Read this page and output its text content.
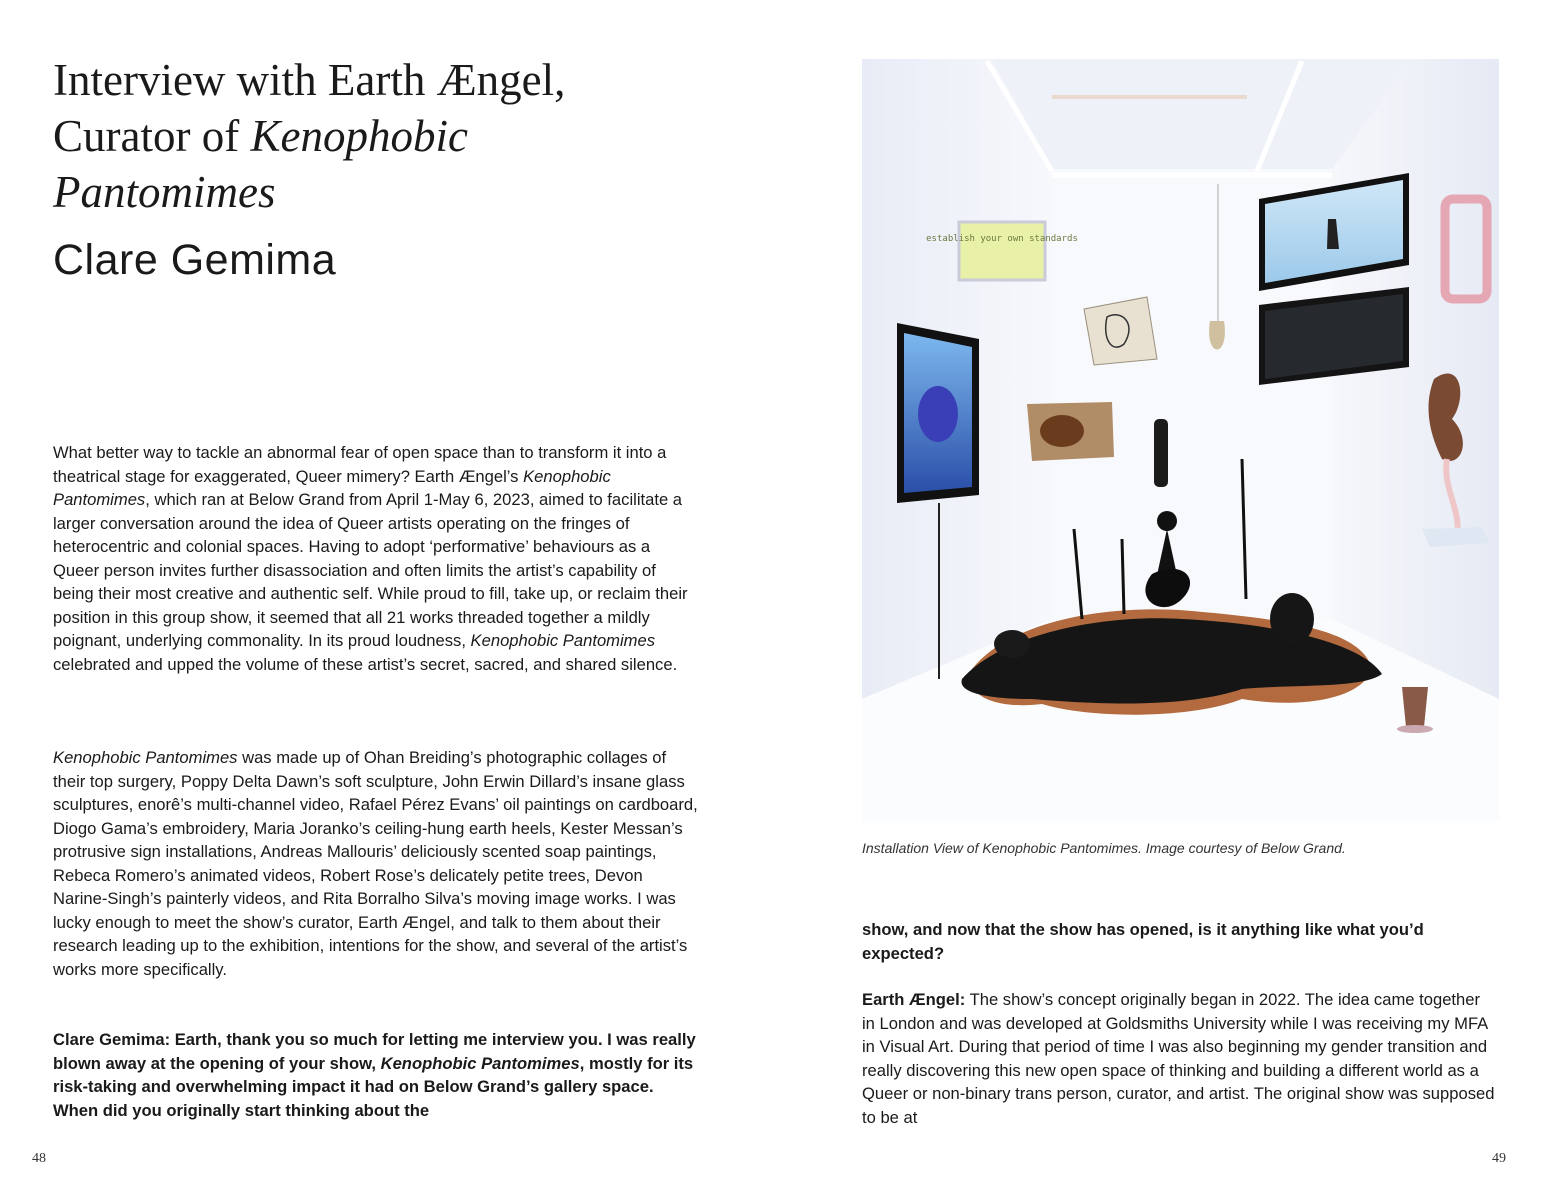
Interview with Earth Ængel,
Curator of Kenophobic
Pantomimes
Clare Gemima

What better way to tackle an abnormal fear of open space than to transform it into a theatrical stage for exaggerated, Queer mimery? Earth Ængel’s Kenophobic Pantomimes, which ran at Below Grand from April 1-May 6, 2023, aimed to facilitate a larger conversation around the idea of Queer artists operating on the fringes of heterocentric and colonial spaces. Having to adopt ‘performative’ behaviours as a Queer person invites further disassociation and often limits the artist’s capability of being their most creative and authentic self. While proud to fill, take up, or reclaim their position in this group show, it seemed that all 21 works threaded together a mildly poignant, underlying commonality. In its proud loudness, Kenophobic Pantomimes celebrated and upped the volume of these artist’s secret, sacred, and shared silence.

Kenophobic Pantomimes was made up of Ohan Breiding’s photographic collages of their top surgery, Poppy Delta Dawn’s soft sculpture, John Erwin Dillard’s insane glass sculptures, enorê’s multi-channel video, Rafael Pérez Evans’ oil paintings on cardboard, Diogo Gama’s embroidery, Maria Joranko’s ceiling-hung earth heels, Kester Messan’s protrusive sign installations, Andreas Mallouris’ deliciously scented soap paintings, Rebeca Romero’s animated videos, Robert Rose’s delicately petite trees, Devon Narine-Singh’s painterly videos, and Rita Borralho Silva’s moving image works. I was lucky enough to meet the show’s curator, Earth Ængel, and talk to them about their research leading up to the exhibition, intentions for the show, and several of the artist’s works more specifically.

Clare Gemima: Earth, thank you so much for letting me interview you. I was really blown away at the opening of your show, Kenophobic Pantomimes, mostly for its risk-taking and overwhelming impact it had on Below Grand’s gallery space. When did you originally start thinking about the

48
establish your own standards

Installation View of Kenophobic Pantomimes. Image courtesy of Below Grand.

show, and now that the show has opened, is it anything like what you’d expected?

Earth Ængel: The show’s concept originally began in 2022. The idea came together in London and was developed at Goldsmiths University while I was receiving my MFA in Visual Art. During that period of time I was also beginning my gender transition and really discovering this new open space of thinking and building a different world as a Queer or non-binary trans person, curator, and artist. The original show was supposed to be at

49
